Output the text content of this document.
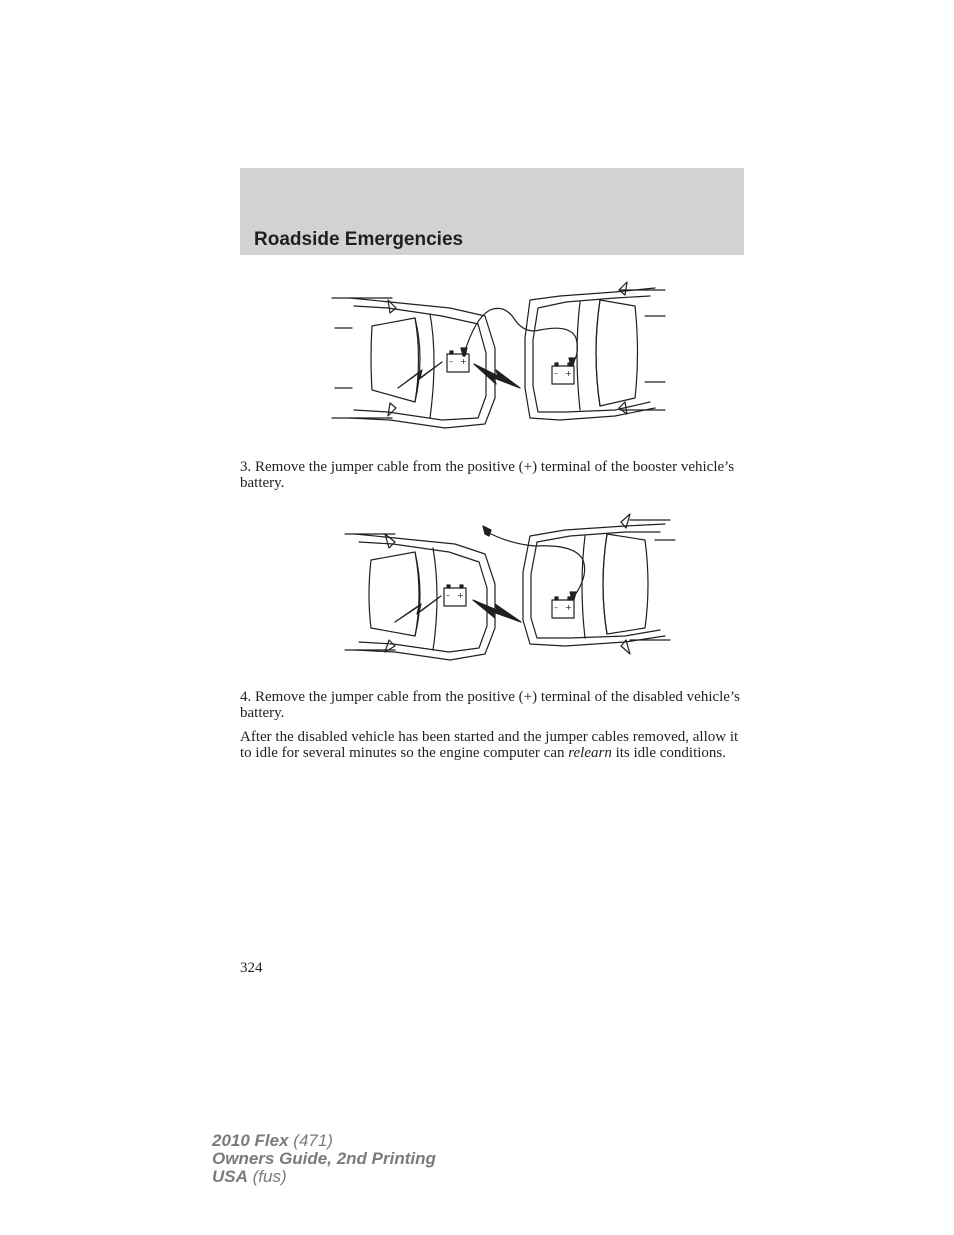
Roadside Emergencies
– +
– +

3. Remove the jumper cable from the positive (+) terminal of the booster vehicle’s battery.

– +
– +

4. Remove the jumper cable from the positive (+) terminal of the disabled vehicle’s battery.

After the disabled vehicle has been started and the jumper cables removed, allow it to idle for several minutes so the engine computer can relearn its idle conditions.

324
2010 Flex (471)
Owners Guide, 2nd Printing
USA (fus)
